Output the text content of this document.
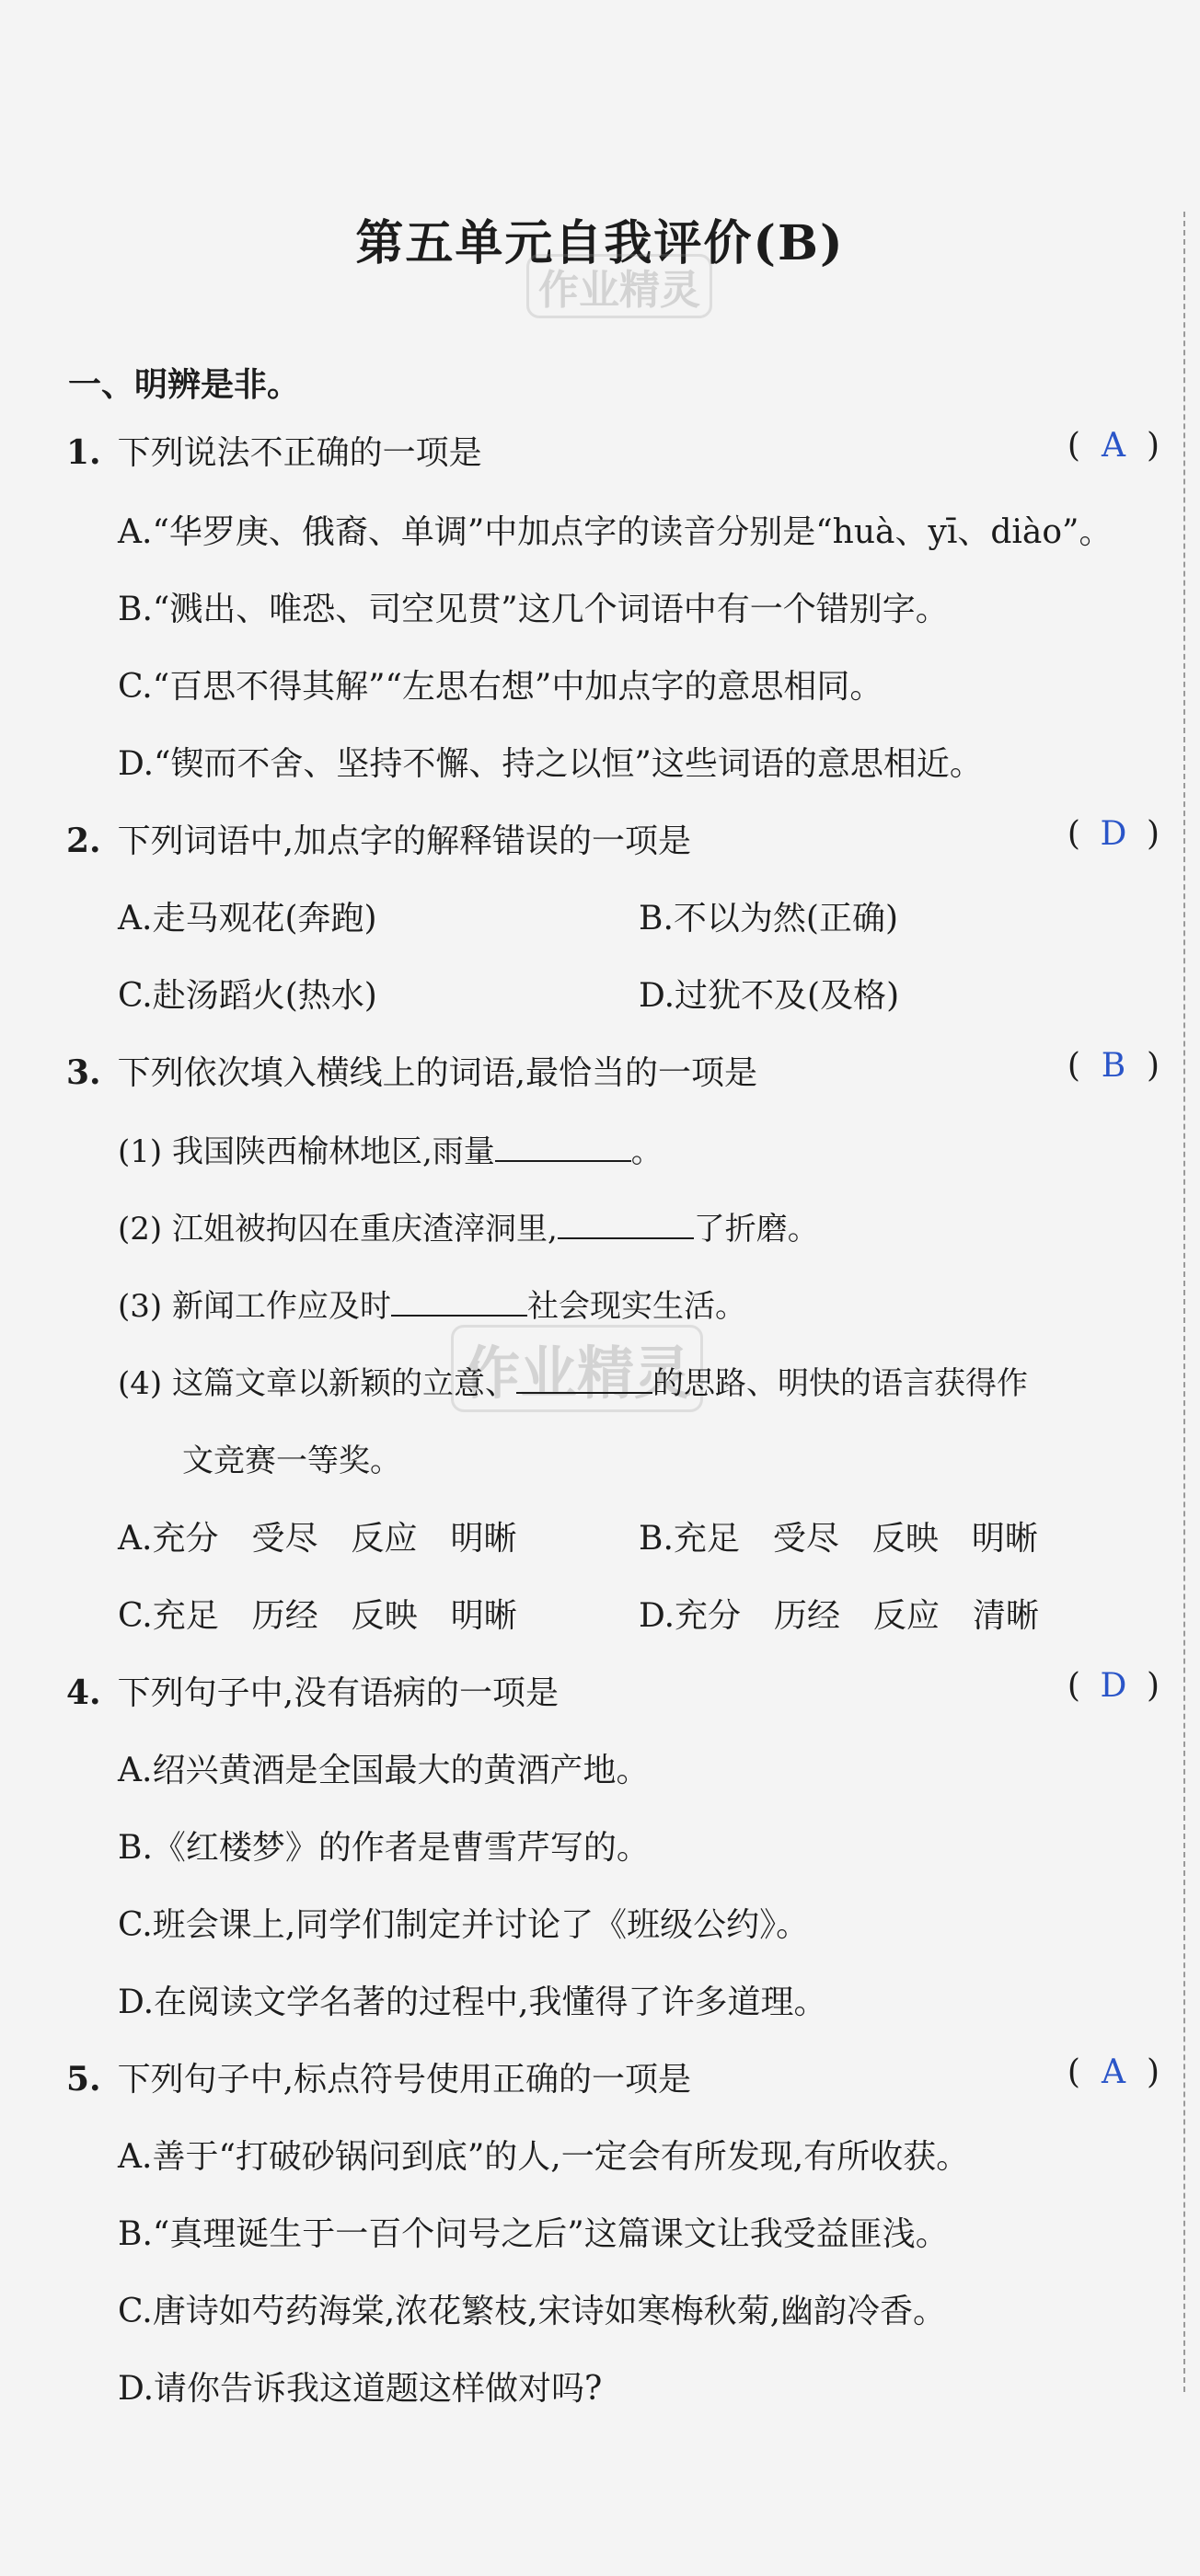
第五单元自我评价(B)
作业精灵
作业精灵
一、明辨是非。
1. 下列说法不正确的一项是	( A )
A.“华罗庚、俄裔、单调”中加点字的读音分别是“huà、yī、diào”。
B.“溅出、唯恐、司空见贯”这几个词语中有一个错别字。
C.“百思不得其解”“左思右想”中加点字的意思相同。
D.“锲而不舍、坚持不懈、持之以恒”这些词语的意思相近。
2. 下列词语中,加点字的解释错误的一项是	( D )
A.走马观花(奔跑)	B.不以为然(正确)
C.赴汤蹈火(热水)	D.过犹不及(及格)
3. 下列依次填入横线上的词语,最恰当的一项是	( B )
(1) 我国陕西榆林地区,雨量	。
(2) 江姐被拘囚在重庆渣滓洞里,	了折磨。
(3) 新闻工作应及时	社会现实生活。
(4) 这篇文章以新颖的立意、	的思路、明快的语言获得作
文竞赛一等奖。
A.充分　受尽　反应　明晰	B.充足　受尽　反映　明晰
C.充足　历经　反映　明晰	D.充分　历经　反应　清晰
4. 下列句子中,没有语病的一项是	( D )
A.绍兴黄酒是全国最大的黄酒产地。
B.《红楼梦》的作者是曹雪芹写的。
C.班会课上,同学们制定并讨论了《班级公约》。
D.在阅读文学名著的过程中,我懂得了许多道理。
5. 下列句子中,标点符号使用正确的一项是	( A )
A.善于“打破砂锅问到底”的人,一定会有所发现,有所收获。
B.“真理诞生于一百个问号之后”这篇课文让我受益匪浅。
C.唐诗如芍药海棠,浓花繁枝,宋诗如寒梅秋菊,幽韵冷香。
D.请你告诉我这道题这样做对吗?
